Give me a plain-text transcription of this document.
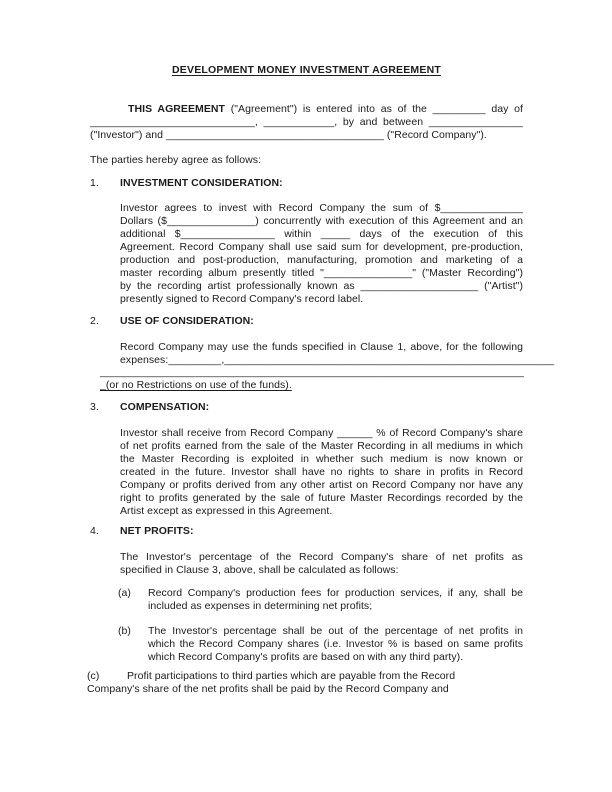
DEVELOPMENT MONEY INVESTMENT AGREEMENT
THIS AGREEMENT ("Agreement") is entered into as of the _________ day of
____________________________, ____________, by and between ________________
("Investor") and _____________________________________ ("Record Company").
The parties hereby agree as follows:
1. INVESTMENT CONSIDERATION:
Investor agrees to invest with Record Company the sum of $______________
Dollars ($_______________) concurrently with execution of this Agreement and an
additional $________________ within _____ days of the execution of this
Agreement. Record Company shall use said sum for development, pre-production,
production and post-production, manufacturing, promotion and marketing of a
master recording album presently titled "_______________" ("Master Recording")
by the recording artist professionally known as ____________________ ("Artist")
presently signed to Record Company's record label.
2. USE OF CONSIDERATION:
Record Company may use the funds specified in Clause 1, above, for the following
expenses:_________,________________________________________________________
________________________________________________________________________
_(or no Restrictions on use of the funds).
3. COMPENSATION:
Investor shall receive from Record Company ______ % of Record Company's share
of net profits earned from the sale of the Master Recording in all mediums in which
the Master Recording is exploited in whether such medium is now known or
created in the future. Investor shall have no rights to share in profits in Record
Company or profits derived from any other artist on Record Company nor have any
right to profits generated by the sale of future Master Recordings recorded by the
Artist except as expressed in this Agreement.
4. NET PROFITS:
The Investor's percentage of the Record Company's share of net profits as
specified in Clause 3, above, shall be calculated as follows:
(a) Record Company's production fees for production services, if any, shall be
included as expenses in determining net profits;
(b) The Investor's percentage shall be out of the percentage of net profits in
which the Record Company shares (i.e. Investor % is based on same profits
which Record Company's profits are based on with any third party).
(c)	Profit participations to third parties which are payable from the Record
Company's share of the net profits shall be paid by the Record Company and
